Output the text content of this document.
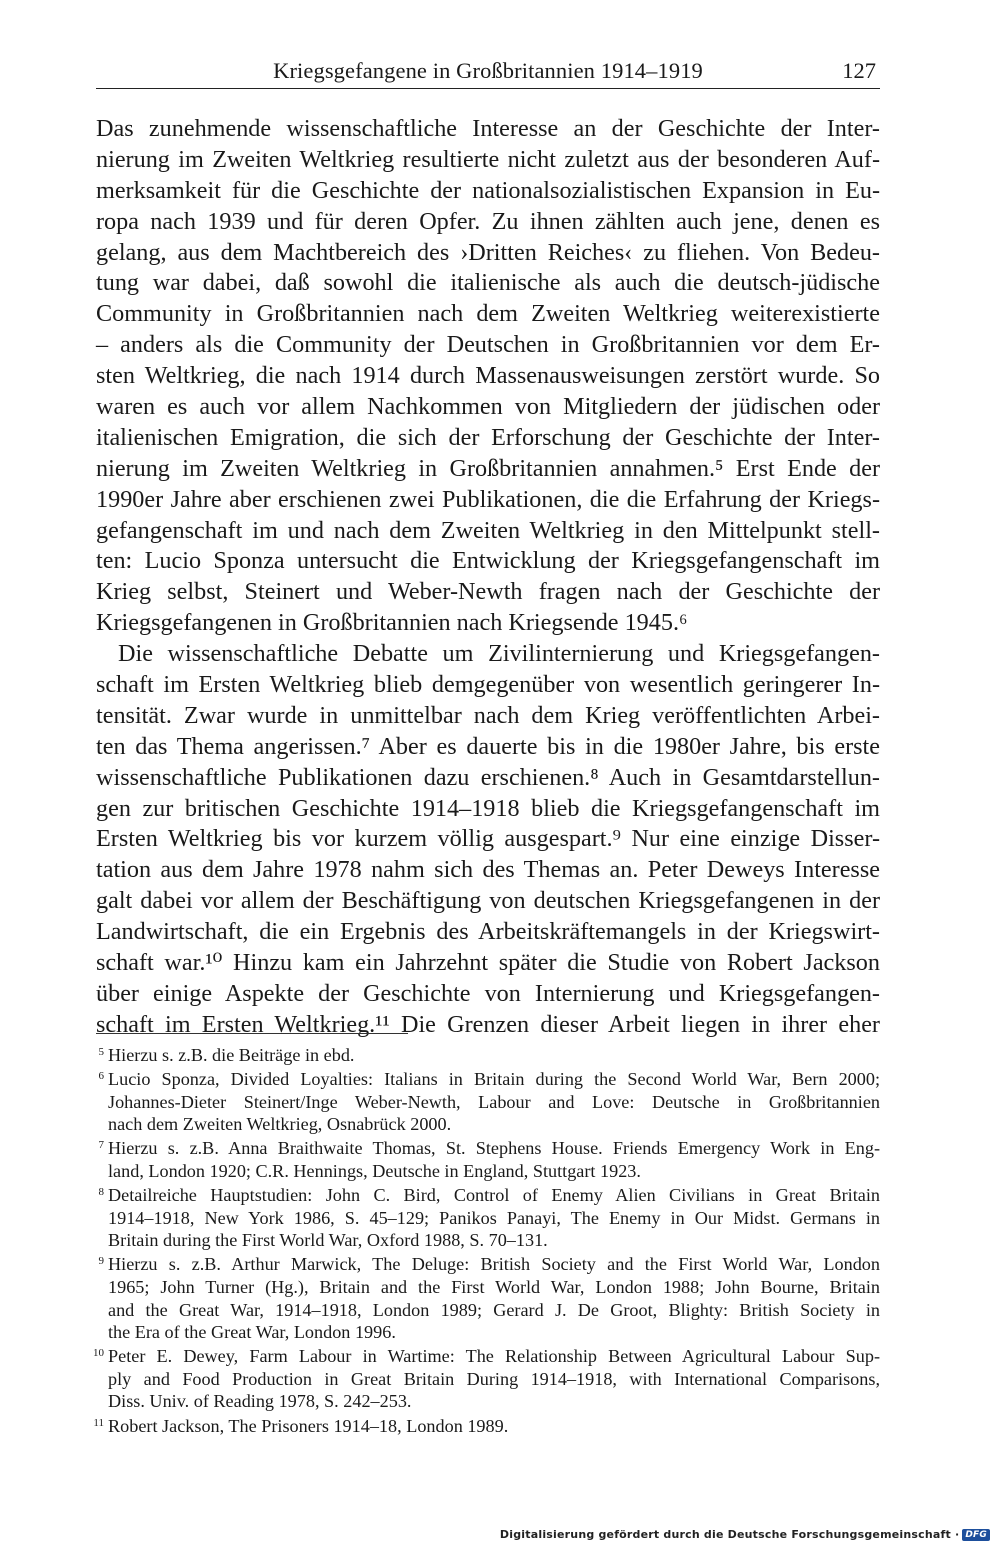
Kriegsgefangene in Großbritannien 1914–1919	127
Das zunehmende wissenschaftliche Interesse an der Geschichte der Inter-
nierung im Zweiten Weltkrieg resultierte nicht zuletzt aus der besonderen Auf-
merksamkeit für die Geschichte der nationalsozialistischen Expansion in Eu-
ropa nach 1939 und für deren Opfer. Zu ihnen zählten auch jene, denen es
gelang, aus dem Machtbereich des ›Dritten Reiches‹ zu fliehen. Von Bedeu-
tung war dabei, daß sowohl die italienische als auch die deutsch-jüdische
Community in Großbritannien nach dem Zweiten Weltkrieg weiterexistierte
– anders als die Community der Deutschen in Großbritannien vor dem Er-
sten Weltkrieg, die nach 1914 durch Massenausweisungen zerstört wurde. So
waren es auch vor allem Nachkommen von Mitgliedern der jüdischen oder
italienischen Emigration, die sich der Erforschung der Geschichte der Inter-
nierung im Zweiten Weltkrieg in Großbritannien annahmen.⁵ Erst Ende der
1990er Jahre aber erschienen zwei Publikationen, die die Erfahrung der Kriegs-
gefangenschaft im und nach dem Zweiten Weltkrieg in den Mittelpunkt stell-
ten: Lucio Sponza untersucht die Entwicklung der Kriegsgefangenschaft im
Krieg selbst, Steinert und Weber-Newth fragen nach der Geschichte der
Kriegsgefangenen in Großbritannien nach Kriegsende 1945.⁶
Die wissenschaftliche Debatte um Zivilinternierung und Kriegsgefangen-
schaft im Ersten Weltkrieg blieb demgegenüber von wesentlich geringerer In-
tensität. Zwar wurde in unmittelbar nach dem Krieg veröffentlichten Arbei-
ten das Thema angerissen.⁷ Aber es dauerte bis in die 1980er Jahre, bis erste
wissenschaftliche Publikationen dazu erschienen.⁸ Auch in Gesamtdarstellun-
gen zur britischen Geschichte 1914–1918 blieb die Kriegsgefangenschaft im
Ersten Weltkrieg bis vor kurzem völlig ausgespart.⁹ Nur eine einzige Disser-
tation aus dem Jahre 1978 nahm sich des Themas an. Peter Deweys Interesse
galt dabei vor allem der Beschäftigung von deutschen Kriegsgefangenen in der
Landwirtschaft, die ein Ergebnis des Arbeitskräftemangels in der Kriegswirt-
schaft war.¹⁰ Hinzu kam ein Jahrzehnt später die Studie von Robert Jackson
über einige Aspekte der Geschichte von Internierung und Kriegsgefangen-
schaft im Ersten Weltkrieg.¹¹ Die Grenzen dieser Arbeit liegen in ihrer eher
5 Hierzu s. z.B. die Beiträge in ebd.
6 Lucio Sponza, Divided Loyalties: Italians in Britain during the Second World War, Bern 2000;
Johannes-Dieter Steinert/Inge Weber-Newth, Labour and Love: Deutsche in Großbritannien
nach dem Zweiten Weltkrieg, Osnabrück 2000.
7 Hierzu s. z.B. Anna Braithwaite Thomas, St. Stephens House. Friends Emergency Work in Eng-
land, London 1920; C.R. Hennings, Deutsche in England, Stuttgart 1923.
8 Detailreiche Hauptstudien: John C. Bird, Control of Enemy Alien Civilians in Great Britain
1914–1918, New York 1986, S. 45–129; Panikos Panayi, The Enemy in Our Midst. Germans in
Britain during the First World War, Oxford 1988, S. 70–131.
9 Hierzu s. z.B. Arthur Marwick, The Deluge: British Society and the First World War, London
1965; John Turner (Hg.), Britain and the First World War, London 1988; John Bourne, Britain
and the Great War, 1914–1918, London 1989; Gerard J. De Groot, Blighty: British Society in
the Era of the Great War, London 1996.
10 Peter E. Dewey, Farm Labour in Wartime: The Relationship Between Agricultural Labour Sup-
ply and Food Production in Great Britain During 1914–1918, with International Comparisons,
Diss. Univ. of Reading 1978, S. 242–253.
11 Robert Jackson, The Prisoners 1914–18, London 1989.
Digitalisierung gefördert durch die Deutsche Forschungsgemeinschaft · DFG
